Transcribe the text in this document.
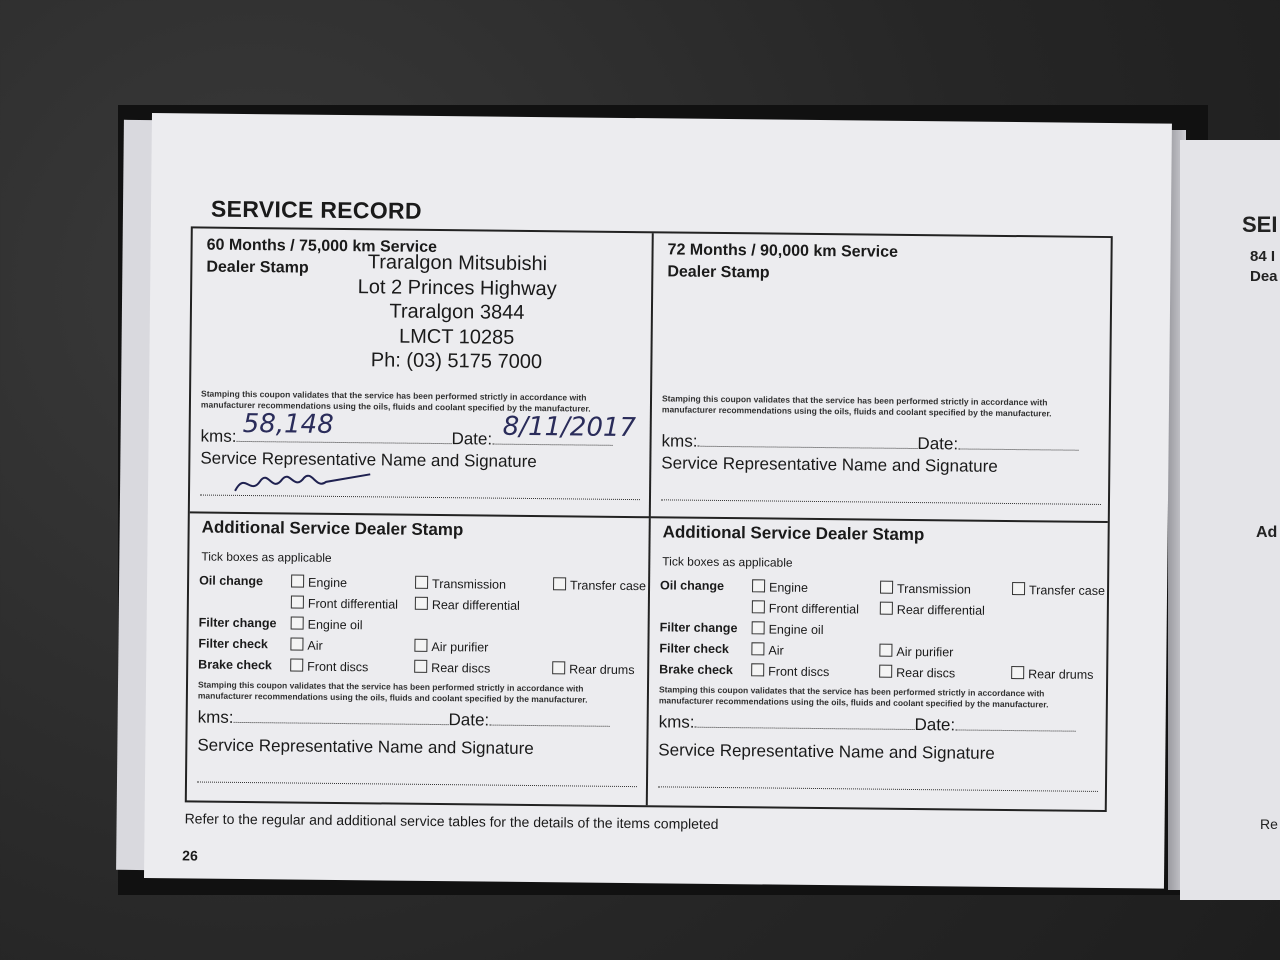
SEI
84 I
Dea
Ad
Re
SERVICE RECORD
60 Months / 75,000 km Service
Dealer Stamp	Traralgon Mitsubishi
Lot 2 Princes Highway
Traralgon 3844
LMCT 10285
Ph: (03) 5175 7000
Stamping this coupon validates that the service has been performed strictly in accordance with manufacturer recommendations using the oils, fluids and coolant specified by the manufacturer.
kms:	Date:
58,148	8/11/2017
Service Representative Name and Signature
72 Months / 90,000 km Service
Dealer Stamp
Stamping this coupon validates that the service has been performed strictly in accordance with manufacturer recommendations using the oils, fluids and coolant specified by the manufacturer.
kms:	Date:
Service Representative Name and Signature
Additional Service Dealer Stamp
Tick boxes as applicable
Oil change	Engine	Transmission	Transfer case
Front differential	Rear differential
Filter change	Engine oil
Filter check	Air	Air purifier
Brake check	Front discs	Rear discs	Rear drums
Stamping this coupon validates that the service has been performed strictly in accordance with manufacturer recommendations using the oils, fluids and coolant specified by the manufacturer.
kms:	Date:
Service Representative Name and Signature
Additional Service Dealer Stamp
Tick boxes as applicable
Oil change	Engine	Transmission	Transfer case
Front differential	Rear differential
Filter change	Engine oil
Filter check	Air	Air purifier
Brake check	Front discs	Rear discs	Rear drums
Stamping this coupon validates that the service has been performed strictly in accordance with manufacturer recommendations using the oils, fluids and coolant specified by the manufacturer.
kms:	Date:
Service Representative Name and Signature
Refer to the regular and additional service tables for the details of the items completed
26
